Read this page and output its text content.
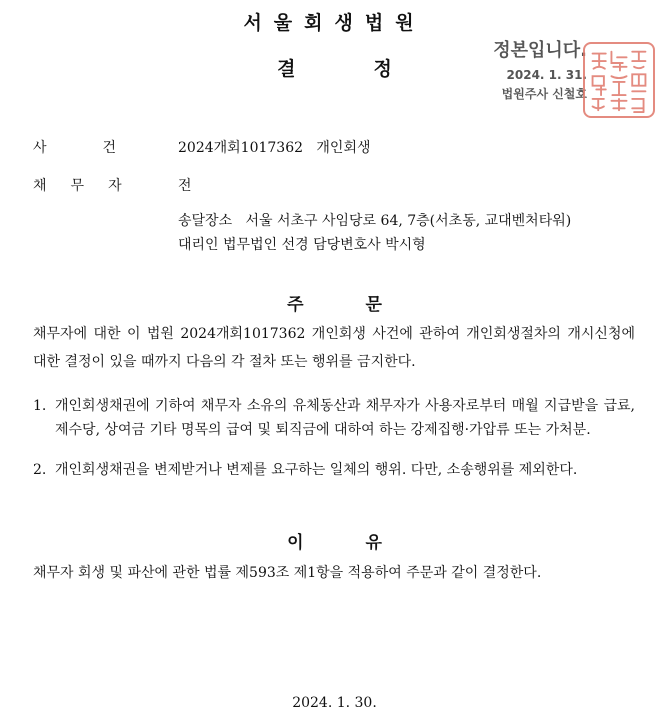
서울회생법원
결	정
정본입니다.
2024. 1. 31.
법원주사 신철호
사	건	2024개회1017362 개인회생
채 무 자	전
송달장소 서울 서초구 사임당로 64, 7층(서초동, 교대벤처타워)
대리인 법무법인 선경 담당변호사 박시형
주	문
채무자에 대한 이 법원 2024개회1017362 개인회생 사건에 관하여 개인회생절차의 개시신청에 대한 결정이 있을 때까지 다음의 각 절차 또는 행위를 금지한다.
1. 개인회생채권에 기하여 채무자 소유의 유체동산과 채무자가 사용자로부터 매월 지급받을 급료, 제수당, 상여금 기타 명목의 급여 및 퇴직금에 대하여 하는 강제집행·가압류 또는 가처분.
2. 개인회생채권을 변제받거나 변제를 요구하는 일체의 행위. 다만, 소송행위를 제외한다.
이	유
채무자 회생 및 파산에 관한 법률 제593조 제1항을 적용하여 주문과 같이 결정한다.
2024. 1. 30.
